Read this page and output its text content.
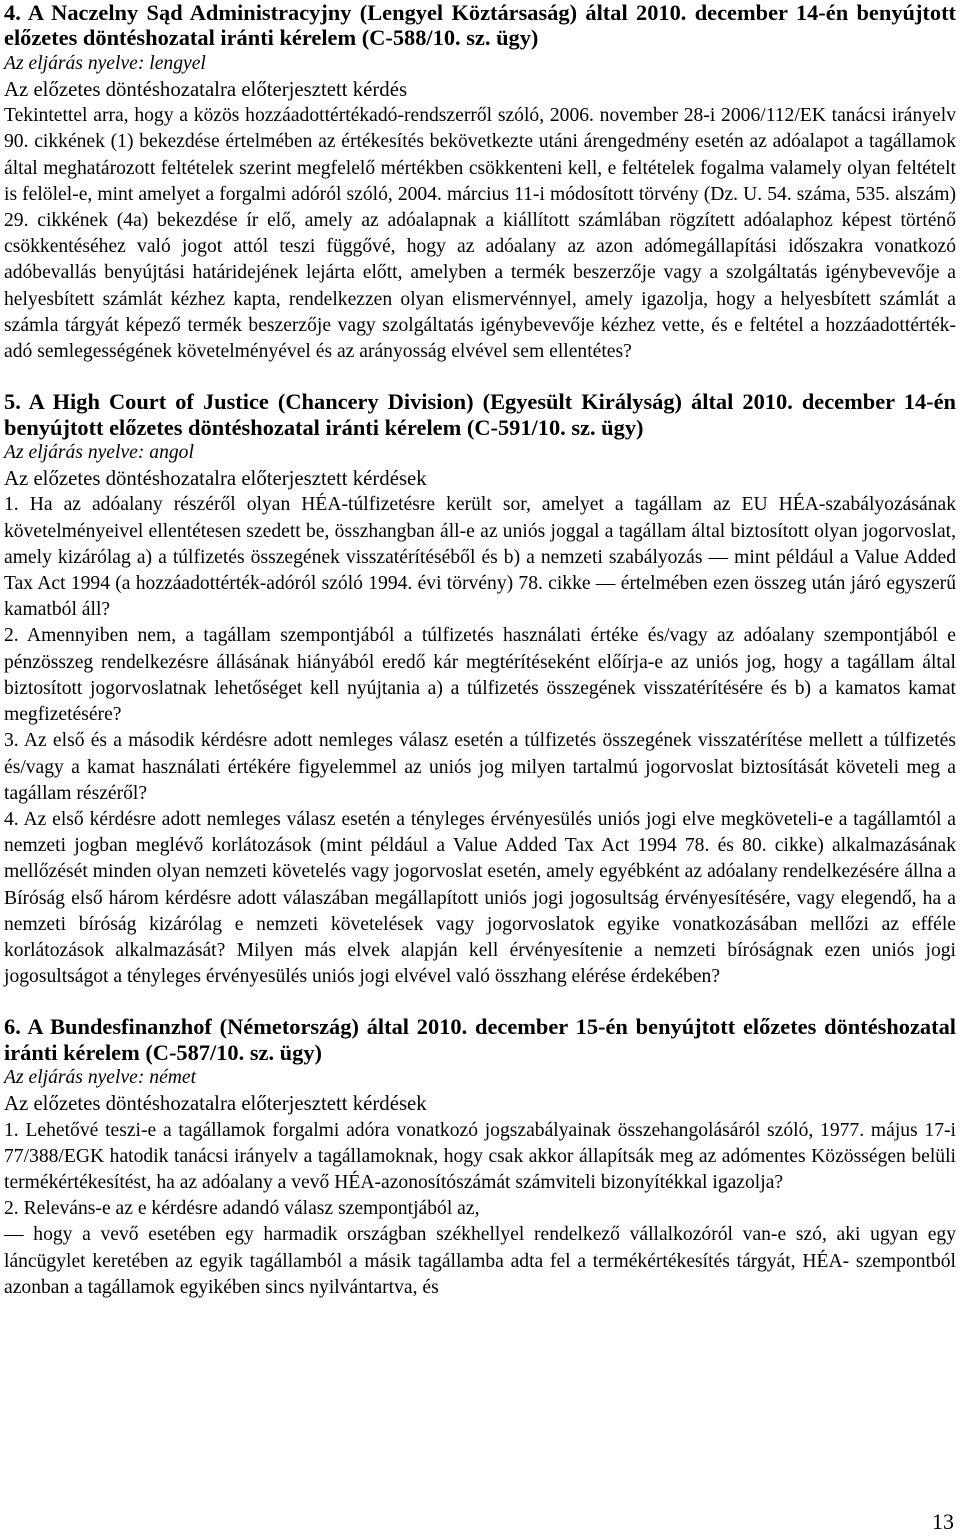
4. A Naczelny Sąd Administracyjny (Lengyel Köztársaság) által 2010. december 14-én benyújtott előzetes döntéshozatal iránti kérelem (C-588/10. sz. ügy)

Az eljárás nyelve: lengyel

Az előzetes döntéshozatalra előterjesztett kérdés

Tekintettel arra, hogy a közös hozzáadottértékadó-rendszerről szóló, 2006. november 28-i 2006/112/EK tanácsi irányelv 90. cikkének (1) bekezdése értelmében az értékesítés bekövetkezte utáni árengedmény esetén az adóalapot a tagállamok által meghatározott feltételek szerint megfelelő mértékben csökkenteni kell, e feltételek fogalma valamely olyan feltételt is felölel-e, mint amelyet a forgalmi adóról szóló, 2004. március 11-i módosított törvény (Dz. U. 54. száma, 535. alszám) 29. cikkének (4a) bekezdése ír elő, amely az adóalapnak a kiállított számlában rögzített adóalaphoz képest történő csökkentéséhez való jogot attól teszi függővé, hogy az adóalany az azon adómegállapítási időszakra vonatkozó adóbevallás benyújtási határidejének lejárta előtt, amelyben a termék beszerzője vagy a szolgáltatás igénybevevője a helyesbített számlát kézhez kapta, rendelkezzen olyan elismervénnyel, amely igazolja, hogy a helyesbített számlát a számla tárgyát képező termék beszerzője vagy szolgáltatás igénybevevője kézhez vette, és e feltétel a hozzáadottérték-adó semlegességének követelményével és az arányosság elvével sem ellentétes?

5. A High Court of Justice (Chancery Division) (Egyesült Királyság) által 2010. december 14-én benyújtott előzetes döntéshozatal iránti kérelem (C-591/10. sz. ügy)

Az eljárás nyelve: angol

Az előzetes döntéshozatalra előterjesztett kérdések

1. Ha az adóalany részéről olyan HÉA-túlfizetésre került sor, amelyet a tagállam az EU HÉA-szabályozásának követelményeivel ellentétesen szedett be, összhangban áll-e az uniós joggal a tagállam által biztosított olyan jogorvoslat, amely kizárólag a) a túlfizetés összegének visszatérítéséből és b) a nemzeti szabályozás — mint például a Value Added Tax Act 1994 (a hozzáadottérték-adóról szóló 1994. évi törvény) 78. cikke — értelmében ezen összeg után járó egyszerű kamatból áll?

2. Amennyiben nem, a tagállam szempontjából a túlfizetés használati értéke és/vagy az adóalany szempontjából e pénzösszeg rendelkezésre állásának hiányából eredő kár megtérítéseként előírja-e az uniós jog, hogy a tagállam által biztosított jogorvoslatnak lehetőséget kell nyújtania a) a túlfizetés összegének visszatérítésére és b) a kamatos kamat megfizetésére?

3. Az első és a második kérdésre adott nemleges válasz esetén a túlfizetés összegének visszatérítése mellett a túlfizetés és/vagy a kamat használati értékére figyelemmel az uniós jog milyen tartalmú jogorvoslat biztosítását követeli meg a tagállam részéről?

4. Az első kérdésre adott nemleges válasz esetén a tényleges érvényesülés uniós jogi elve megköveteli-e a tagállamtól a nemzeti jogban meglévő korlátozások (mint például a Value Added Tax Act 1994 78. és 80. cikke) alkalmazásának mellőzését minden olyan nemzeti követelés vagy jogorvoslat esetén, amely egyébként az adóalany rendelkezésére állna a Bíróság első három kérdésre adott válaszában megállapított uniós jogi jogosultság érvényesítésére, vagy elegendő, ha a nemzeti bíróság kizárólag e nemzeti követelések vagy jogorvoslatok egyike vonatkozásában mellőzi az efféle korlátozások alkalmazását? Milyen más elvek alapján kell érvényesítenie a nemzeti bíróságnak ezen uniós jogi jogosultságot a tényleges érvényesülés uniós jogi elvével való összhang elérése érdekében?

6. A Bundesfinanzhof (Németország) által 2010. december 15-én benyújtott előzetes döntéshozatal iránti kérelem (C-587/10. sz. ügy)

Az eljárás nyelve: német

Az előzetes döntéshozatalra előterjesztett kérdések

1. Lehetővé teszi-e a tagállamok forgalmi adóra vonatkozó jogszabályainak összehangolásáról szóló, 1977. május 17-i 77/388/EGK hatodik tanácsi irányelv a tagállamoknak, hogy csak akkor állapítsák meg az adómentes Közösségen belüli termékértékesítést, ha az adóalany a vevő HÉA-azonosítószámát számviteli bizonyítékkal igazolja?

2. Releváns-e az e kérdésre adandó válasz szempontjából az,

— hogy a vevő esetében egy harmadik országban székhellyel rendelkező vállalkozóról van-e szó, aki ugyan egy láncügylet keretében az egyik tagállamból a másik tagállamba adta fel a termékértékesítés tárgyát, HÉA- szempontból azonban a tagállamok egyikében sincs nyilvántartva, és

13
